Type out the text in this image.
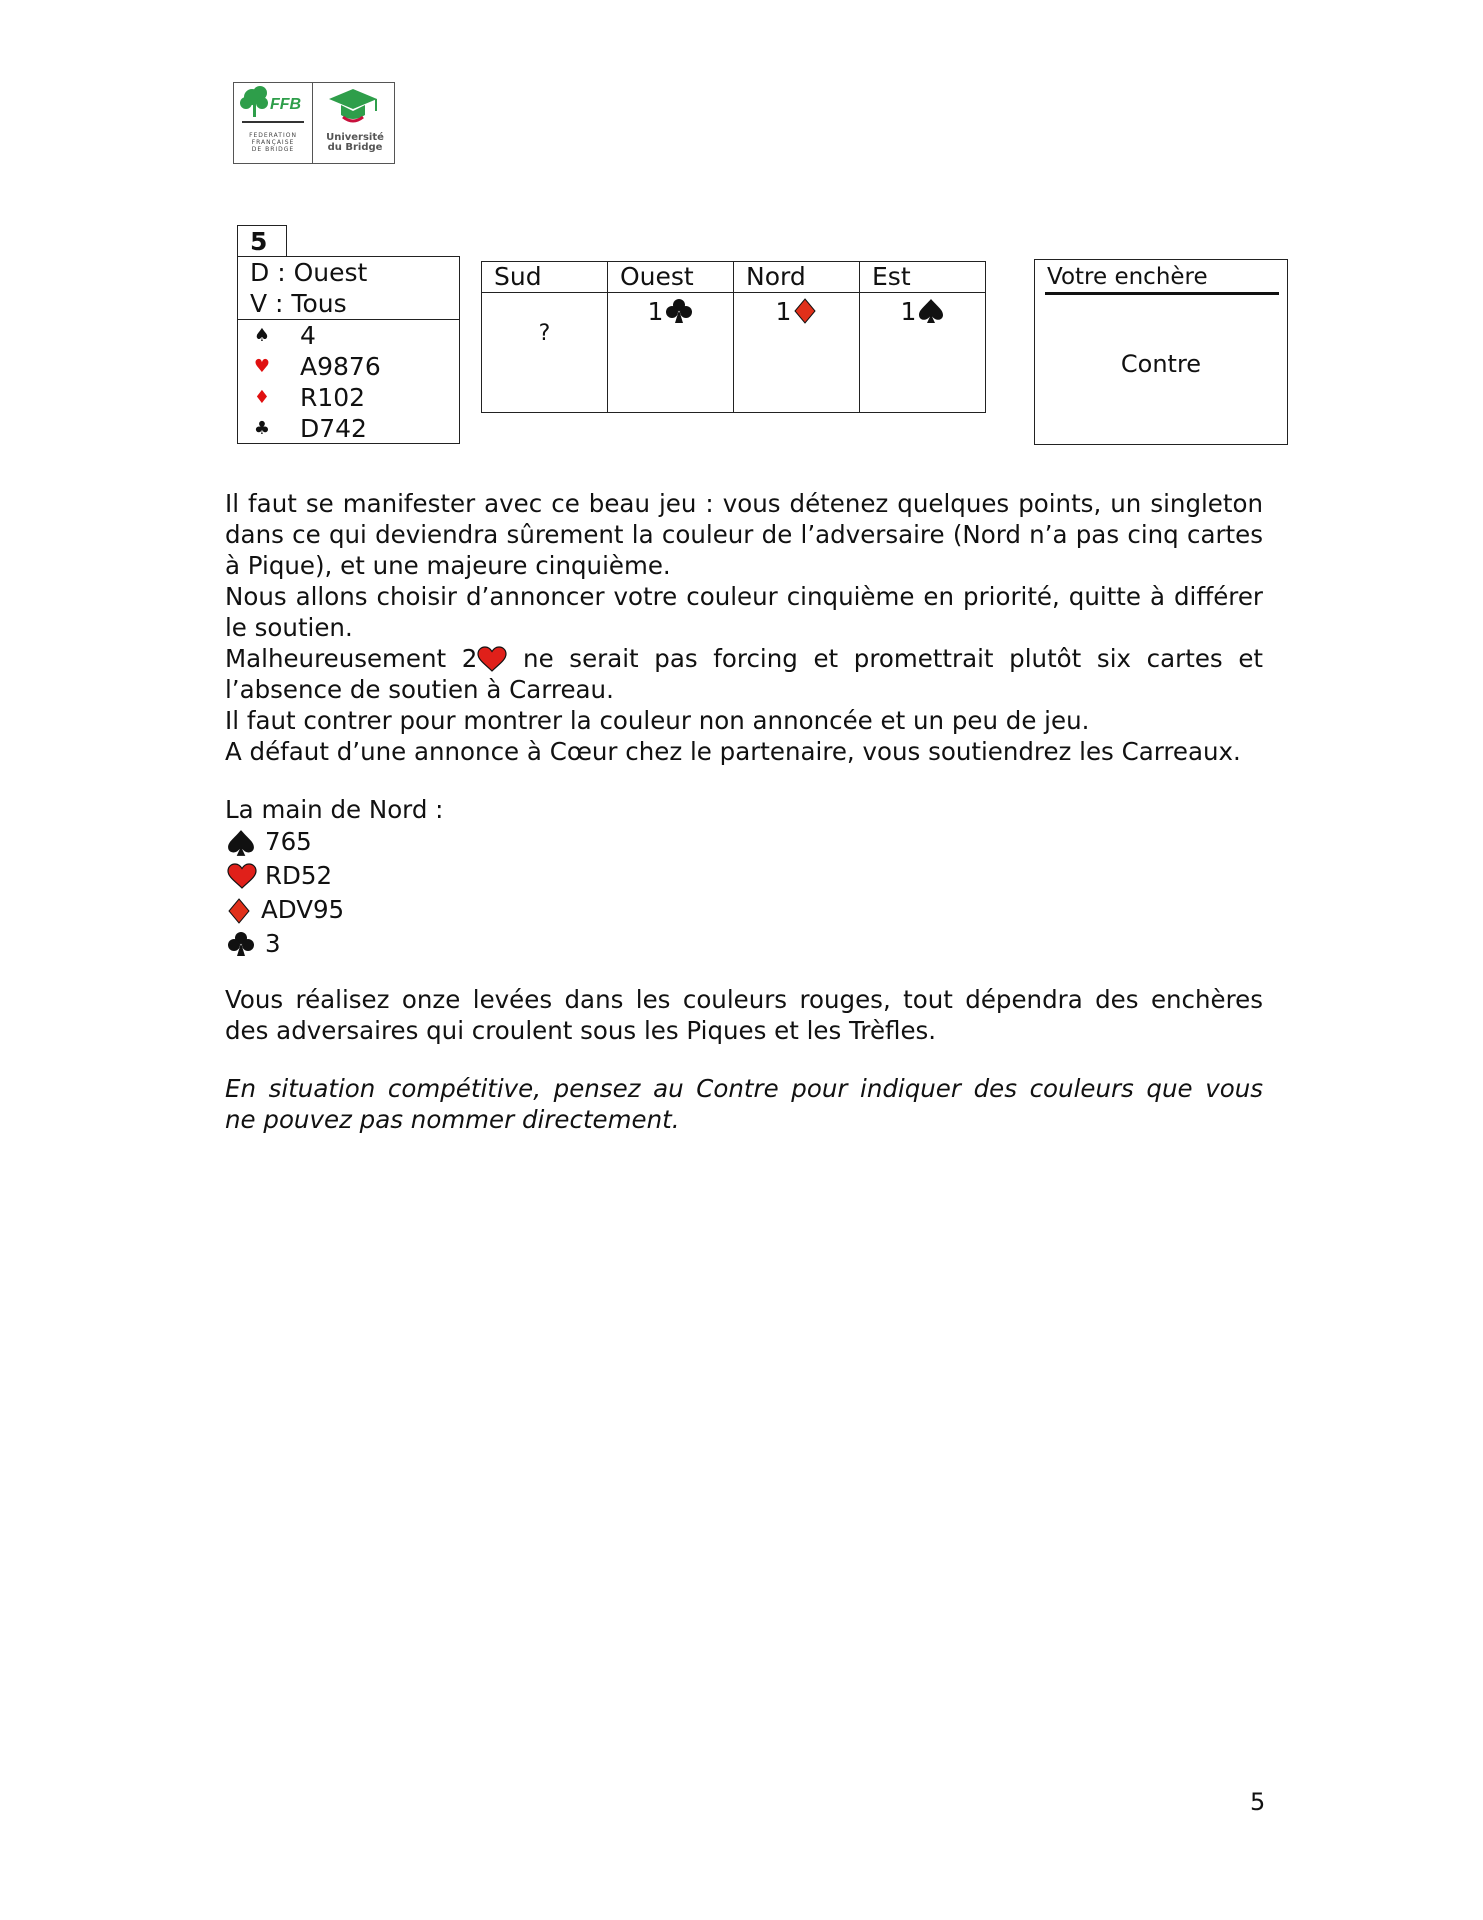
FFB
FEDERATION
FRANÇAISE
DE BRIDGE
Université
du Bridge
5
D : Ouest
V : Tous
♠ 4
♥ A9876
♦ R102
♣ D742
Sud	Ouest	Nord	Est

?	1	1	1
Votre enchère
Contre

Il faut se manifester avec ce beau jeu : vous détenez quelques points, un singleton

dans ce qui deviendra sûrement la couleur de l’adversaire (Nord n’a pas cinq cartes

à Pique), et une majeure cinquième.

Nous allons choisir d’annoncer votre couleur cinquième en priorité, quitte à différer

le soutien.

Malheureusement 2 ne serait pas forcing et promettrait plutôt six cartes et

l’absence de soutien à Carreau.

Il faut contrer pour montrer la couleur non annoncée et un peu de jeu.

A défaut d’une annonce à Cœur chez le partenaire, vous soutiendrez les Carreaux.

La main de Nord :
765
RD52
ADV95
3

Vous réalisez onze levées dans les couleurs rouges, tout dépendra des enchères

des adversaires qui croulent sous les Piques et les Trèfles.

En situation compétitive, pensez au Contre pour indiquer des couleurs que vous

ne pouvez pas nommer directement.

5
